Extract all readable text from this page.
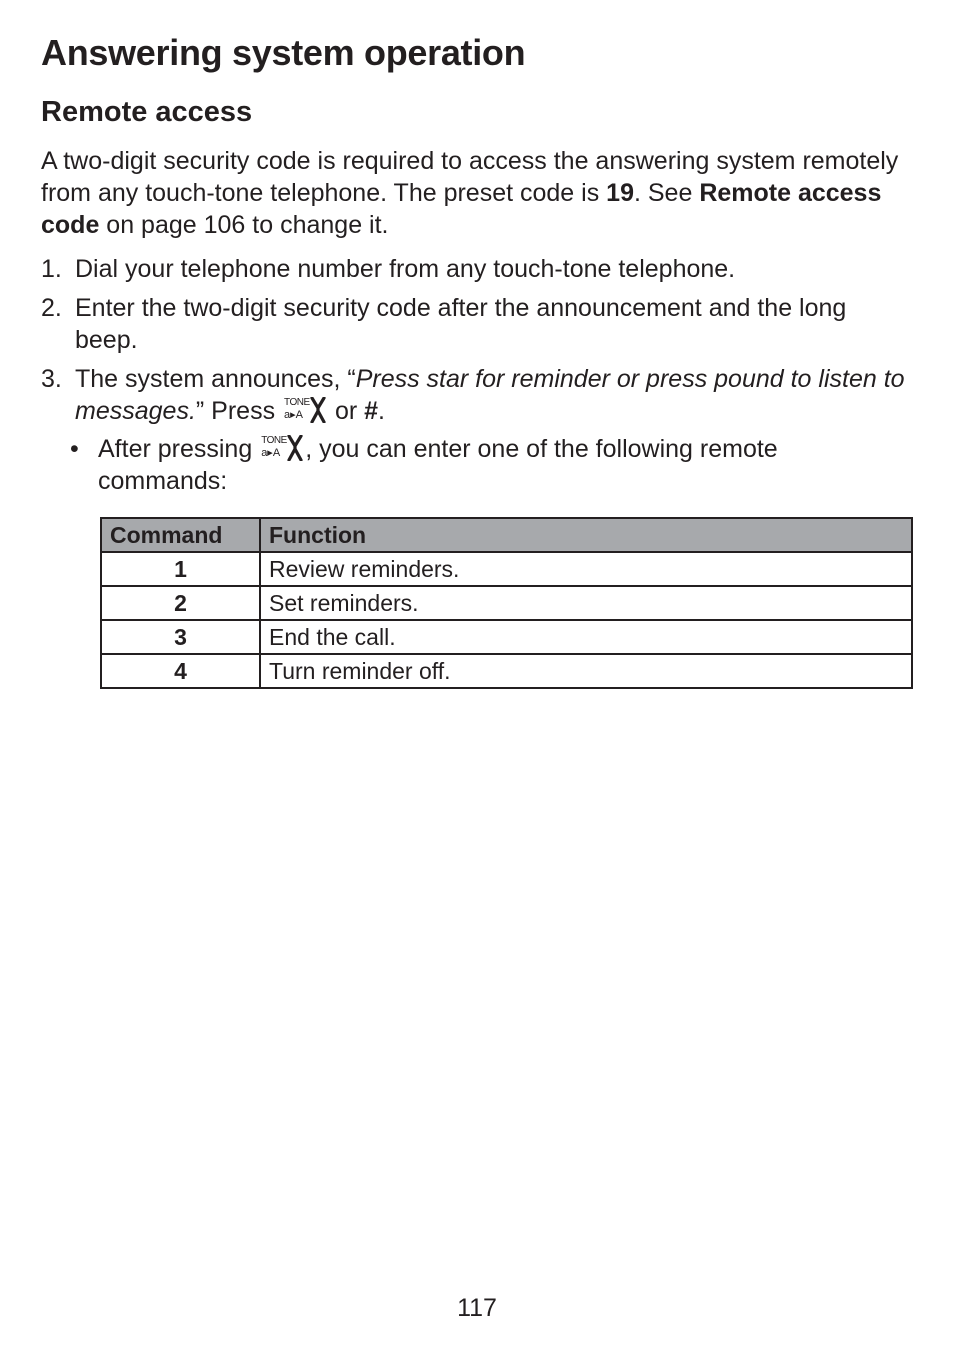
Answering system operation
Remote access

A two-digit security code is required to access the answering system remotely from any touch-tone telephone. The preset code is 19. See Remote access code on page 106 to change it.

1. Dial your telephone number from any touch-tone telephone.
2. Enter the two-digit security code after the announcement and the long beep.
3. The system announces, “Press star for reminder or press pound to listen to messages.” Press TONE
a▸A or #.
• After pressing TONE
a▸A , you can enter one of the following remote commands:
Command	Function
1	Review reminders.
2	Set reminders.
3	End the call.
4	Turn reminder off.
117
